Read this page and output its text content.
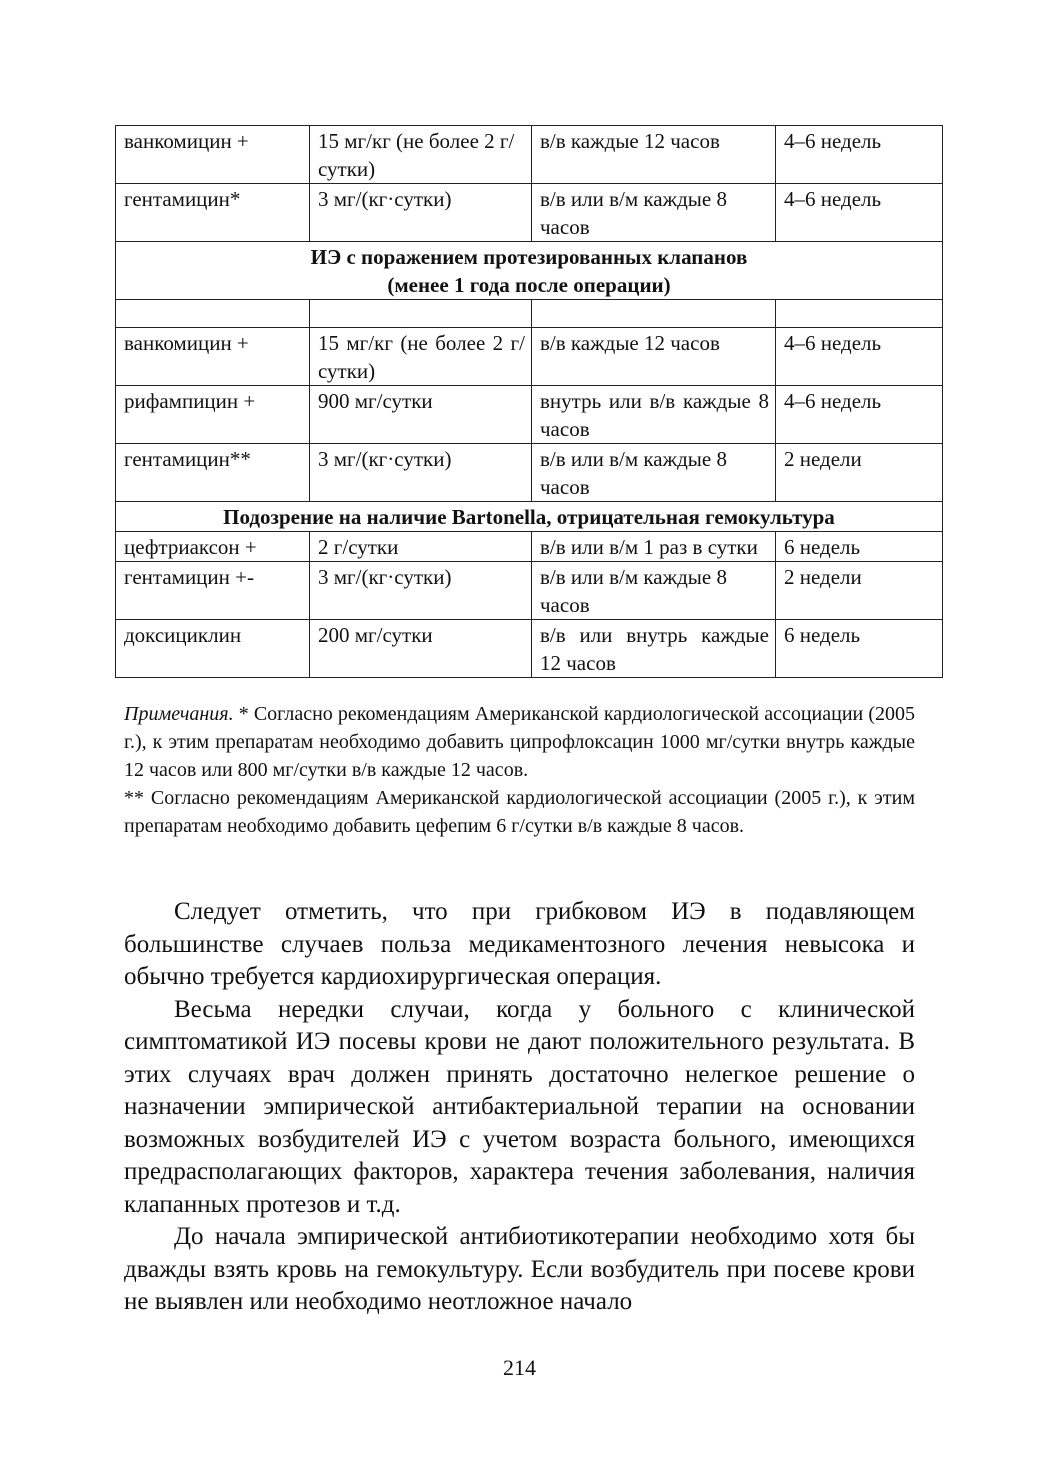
ванкомицин +	15 мг/кг (не более 2 г/сутки)	в/в каждые 12 часов	4–6 недель
гентамицин*	3 мг/(кг·сутки)	в/в или в/м каждые 8 часов	4–6 недель

ИЭ с поражением протезированных клапанов
(менее 1 года после операции)			

ванкомицин +	15 мг/кг (не более 2 г/сутки)	в/в каждые 12 часов	4–6 недель
рифампицин +	900 мг/сутки	внутрь или в/в каждые 8 часов	4–6 недель
гентамицин**	3 мг/(кг·сутки)	в/в или в/м каждые 8 часов	2 недели
Подозрение на наличие Bartonella, отрицательная гемокультура			
цефтриаксон +	2 г/сутки	в/в или в/м 1 раз в сутки	6 недель
гентамицин +-	3 мг/(кг·сутки)	в/в или в/м каждые 8 часов	2 недели
доксициклин	200 мг/сутки	в/в или внутрь каждые 12 часов	6 недель

Примечания. * Согласно рекомендациям Американской кардиологической ассоциации (2005 г.), к этим препаратам необходимо добавить ципрофлоксацин 1000 мг/сутки внутрь каждые 12 часов или 800 мг/сутки в/в каждые 12 часов.

** Согласно рекомендациям Американской кардиологической ассоциации (2005 г.), к этим препаратам необходимо добавить цефепим 6 г/сутки в/в каждые 8 часов.

Следует отметить, что при грибковом ИЭ в подавляющем большинстве случаев польза медикаментозного лечения невысока и обычно требуется кардиохирургическая операция.

Весьма нередки случаи, когда у больного с клинической симптоматикой ИЭ посевы крови не дают положительного результата. В этих случаях врач должен принять достаточно нелегкое решение о назначении эмпирической антибактериальной терапии на основании возможных возбудителей ИЭ с учетом возраста больного, имеющихся предрасполагающих факторов, характера течения заболевания, наличия клапанных протезов и т.д.

До начала эмпирической антибиотикотерапии необходимо хотя бы дважды взять кровь на гемокультуру. Если возбудитель при посеве крови не выявлен или необходимо неотложное начало

214
